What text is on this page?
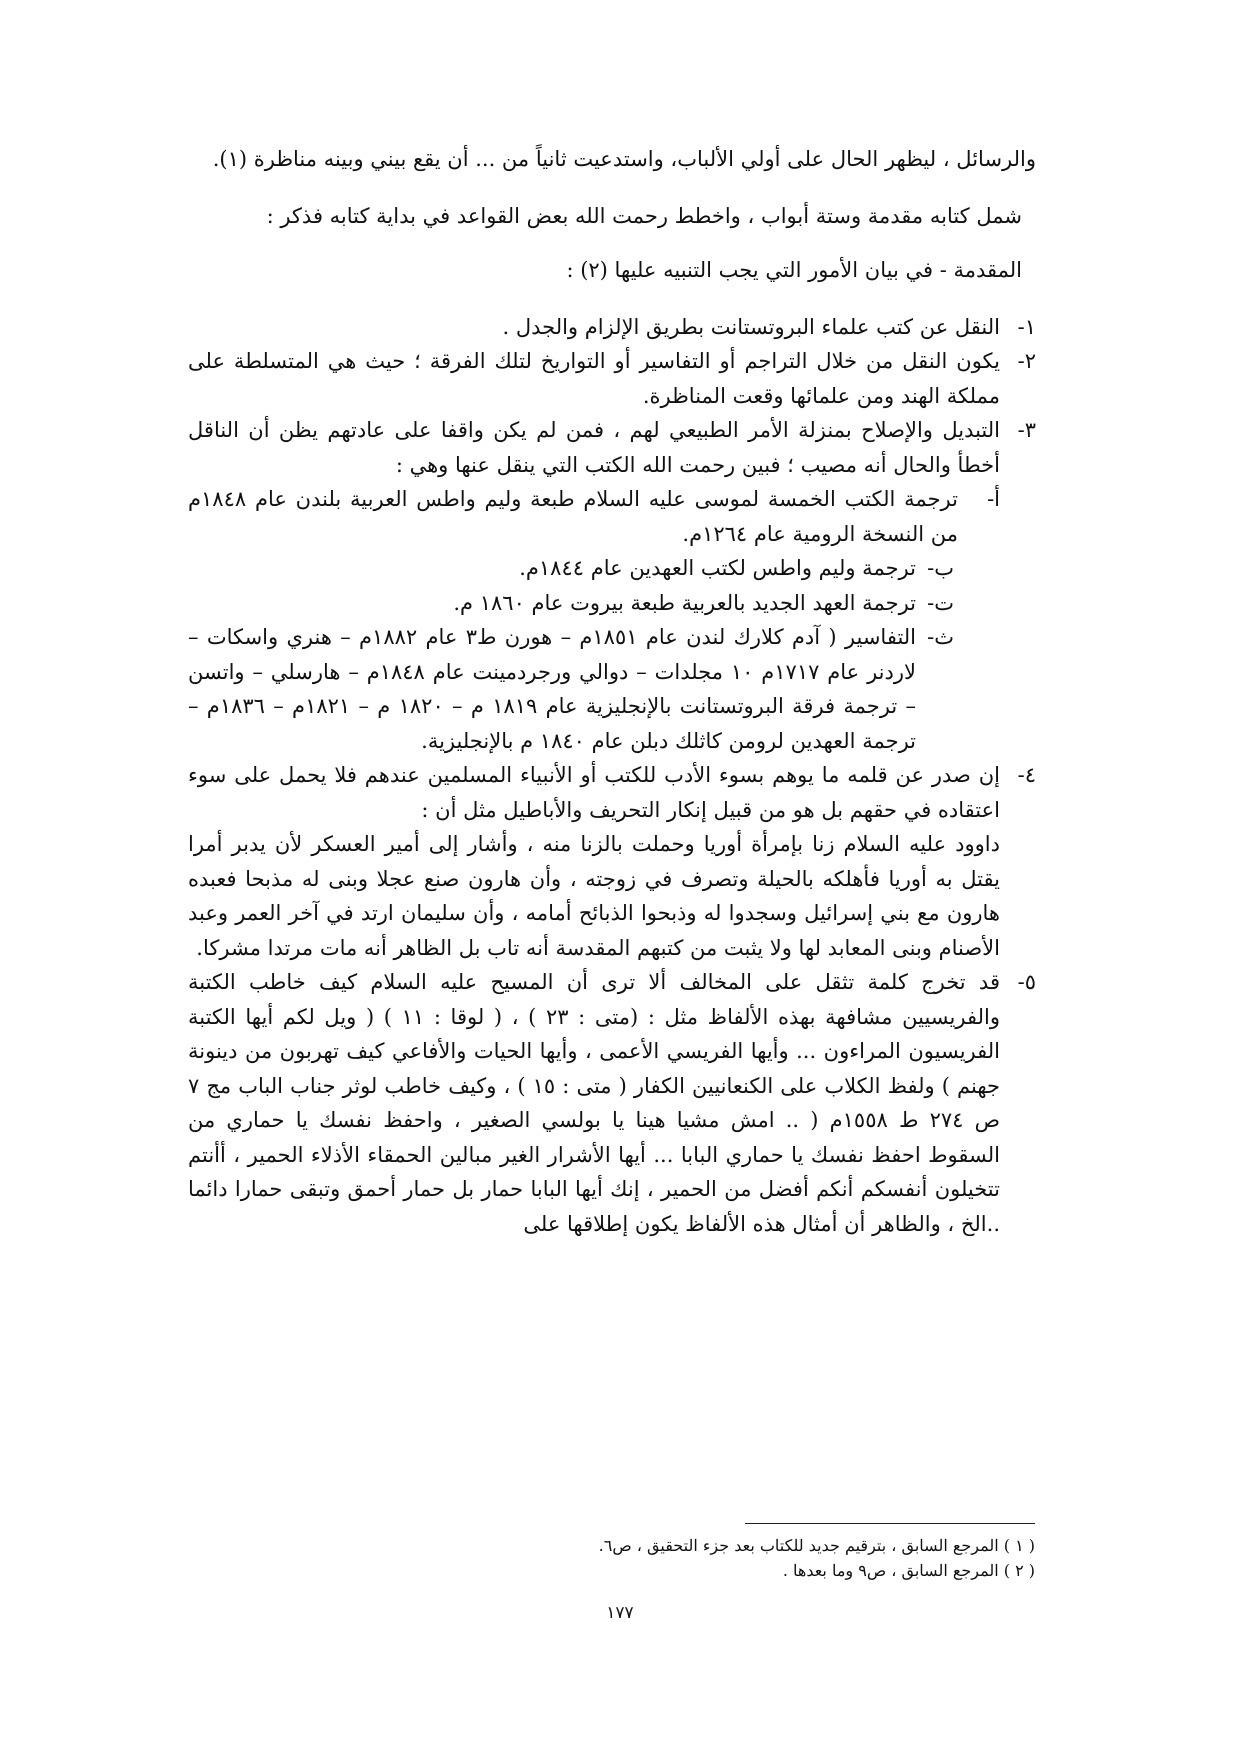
والرسائل ، ليظهر الحال على أولي الألباب، واستدعيت ثانياً من ... أن يقع بيني وبينه مناظرة (١).

شمل كتابه مقدمة وستة أبواب ، واخطط رحمت الله بعض القواعد في بداية كتابه فذكر :

المقدمة - في بيان الأمور التي يجب التنبيه عليها (٢) :

١-
النقل عن كتب علماء البروتستانت بطريق الإلزام والجدل .
٢-
يكون النقل من خلال التراجم أو التفاسير أو التواريخ لتلك الفرقة ؛ حيث هي المتسلطة على مملكة الهند ومن علمائها وقعت المناظرة.
٣-
التبديل والإصلاح بمنزلة الأمر الطبيعي لهم ، فمن لم يكن واقفا على عادتهم يظن أن الناقل أخطأ والحال أنه مصيب ؛ فبين رحمت الله الكتب التي ينقل عنها وهي :
أ-
ترجمة الكتب الخمسة لموسى عليه السلام طبعة وليم واطس العربية بلندن عام ١٨٤٨م من النسخة الرومية عام ١٢٦٤م.
ب-
ترجمة وليم واطس لكتب العهدين عام ١٨٤٤م.
ت-
ترجمة العهد الجديد بالعربية طبعة بيروت عام ١٨٦٠ م.
ث-
التفاسير ( آدم كلارك لندن عام ١٨٥١م – هورن ط٣ عام ١٨٨٢م – هنري واسكات – لاردنر عام ١٧١٧م ١٠ مجلدات – دوالي ورجردمينت عام ١٨٤٨م – هارسلي – واتسن – ترجمة فرقة البروتستانت بالإنجليزية عام ١٨١٩ م – ١٨٢٠ م – ١٨٢١م – ١٨٣٦م – ترجمة العهدين لرومن كاثلك دبلن عام ١٨٤٠ م بالإنجليزية.
٤-
إن صدر عن قلمه ما يوهم بسوء الأدب للكتب أو الأنبياء المسلمين عندهم فلا يحمل على سوء اعتقاده في حقهم بل هو من قبيل إنكار التحريف والأباطيل مثل أن :
داوود عليه السلام زنا بإمرأة أوريا وحملت بالزنا منه ، وأشار إلى أمير العسكر لأن يدبر أمرا يقتل به أوريا فأهلكه بالحيلة وتصرف في زوجته ، وأن هارون صنع عجلا وبنى له مذبحا فعبده هارون مع بني إسرائيل وسجدوا له وذبحوا الذبائح أمامه ، وأن سليمان ارتد في آخر العمر وعبد الأصنام وبنى المعابد لها ولا يثبت من كتبهم المقدسة أنه تاب بل الظاهر أنه مات مرتدا مشركا.
٥-
قد تخرج كلمة تثقل على المخالف ألا ترى أن المسيح عليه السلام كيف خاطب الكتبة والفريسيين مشافهة بهذه الألفاظ مثل : (متى : ٢٣ ) ، ( لوقا : ١١ ) ( ويل لكم أيها الكتبة الفريسيون المراءون ... وأيها الفريسي الأعمى ، وأيها الحيات والأفاعي كيف تهربون من دينونة جهنم ) ولفظ الكلاب على الكنعانيين الكفار ( متى : ١٥ ) ، وكيف خاطب لوثر جناب الباب مج ٧ ص ٢٧٤ ط ١٥٥٨م ( .. امش مشيا هينا يا بولسي الصغير ، واحفظ نفسك يا حماري من السقوط احفظ نفسك يا حماري البابا ... أيها الأشرار الغير مبالين الحمقاء الأذلاء الحمير ، أأنتم تتخيلون أنفسكم أنكم أفضل من الحمير ، إنك أيها البابا حمار بل حمار أحمق وتبقى حمارا دائما ..الخ ، والظاهر أن أمثال هذه الألفاظ يكون إطلاقها على

( ١ ) المرجع السابق ، بترقيم جديد للكتاب بعد جزء التحقيق ، ص٦.

( ٢ ) المرجع السابق ، ص٩ وما بعدها .

١٧٧
